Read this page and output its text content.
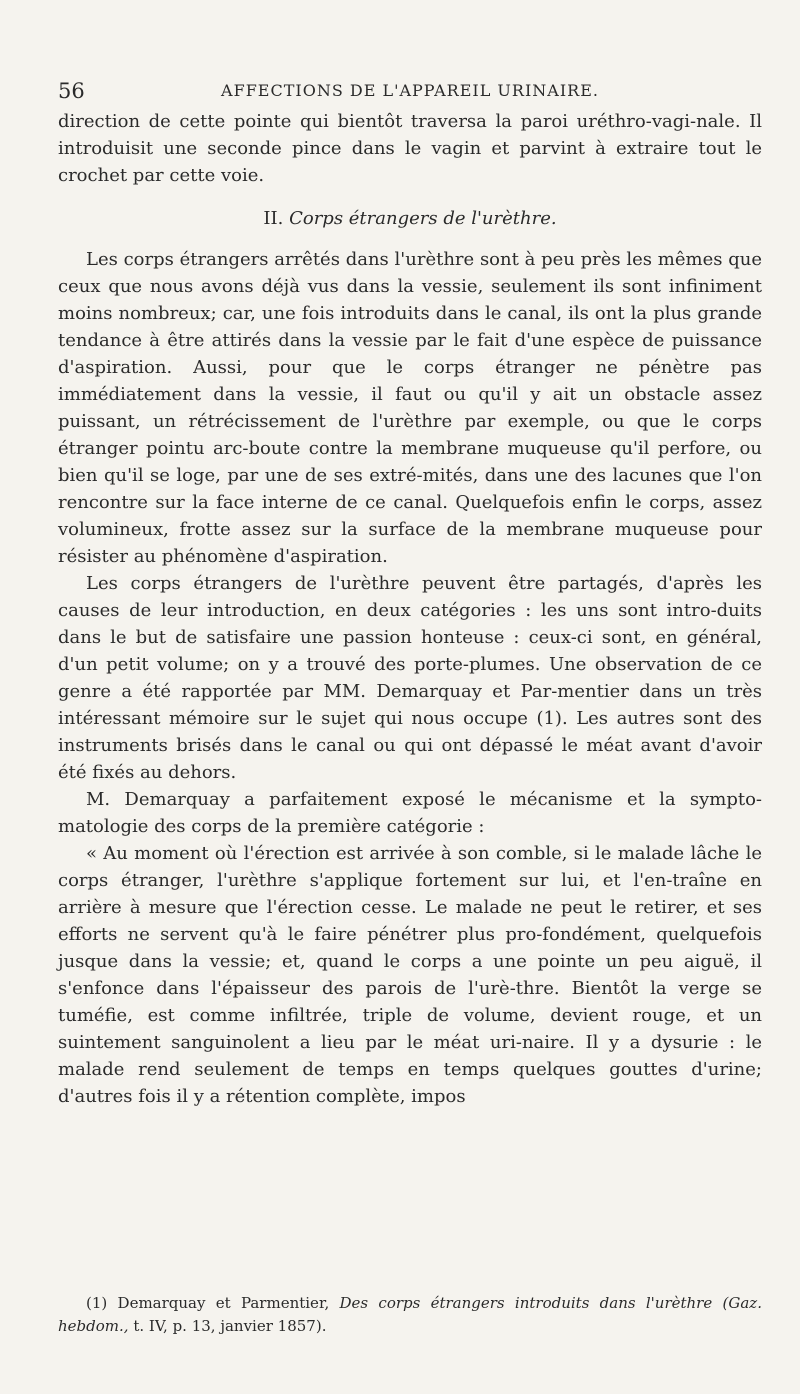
56	AFFECTIONS DE L'APPAREIL URINAIRE.

direction de cette pointe qui bientôt traversa la paroi uréthro-vagi-nale. Il introduisit une seconde pince dans le vagin et parvint à extraire tout le crochet par cette voie.

II. Corps étrangers de l'urèthre.

Les corps étrangers arrêtés dans l'urèthre sont à peu près les mêmes que ceux que nous avons déjà vus dans la vessie, seulement ils sont infiniment moins nombreux; car, une fois introduits dans le canal, ils ont la plus grande tendance à être attirés dans la vessie par le fait d'une espèce de puissance d'aspiration. Aussi, pour que le corps étranger ne pénètre pas immédiatement dans la vessie, il faut ou qu'il y ait un obstacle assez puissant, un rétrécissement de l'urèthre par exemple, ou que le corps étranger pointu arc-boute contre la membrane muqueuse qu'il perfore, ou bien qu'il se loge, par une de ses extré-mités, dans une des lacunes que l'on rencontre sur la face interne de ce canal. Quelquefois enfin le corps, assez volumineux, frotte assez sur la surface de la membrane muqueuse pour résister au phénomène d'aspiration.

Les corps étrangers de l'urèthre peuvent être partagés, d'après les causes de leur introduction, en deux catégories : les uns sont intro-duits dans le but de satisfaire une passion honteuse : ceux-ci sont, en général, d'un petit volume; on y a trouvé des porte-plumes. Une observation de ce genre a été rapportée par MM. Demarquay et Par-mentier dans un très intéressant mémoire sur le sujet qui nous occupe (1). Les autres sont des instruments brisés dans le canal ou qui ont dépassé le méat avant d'avoir été fixés au dehors.

M. Demarquay a parfaitement exposé le mécanisme et la sympto-matologie des corps de la première catégorie :

« Au moment où l'érection est arrivée à son comble, si le malade lâche le corps étranger, l'urèthre s'applique fortement sur lui, et l'en-traîne en arrière à mesure que l'érection cesse. Le malade ne peut le retirer, et ses efforts ne servent qu'à le faire pénétrer plus pro-fondément, quelquefois jusque dans la vessie; et, quand le corps a une pointe un peu aiguë, il s'enfonce dans l'épaisseur des parois de l'urè-thre. Bientôt la verge se tuméfie, est comme infiltrée, triple de volume, devient rouge, et un suintement sanguinolent a lieu par le méat uri-naire. Il y a dysurie : le malade rend seulement de temps en temps quelques gouttes d'urine; d'autres fois il y a rétention complète, impos

(1) Demarquay et Parmentier, Des corps étrangers introduits dans l'urèthre (Gaz. hebdom., t. IV, p. 13, janvier 1857).
